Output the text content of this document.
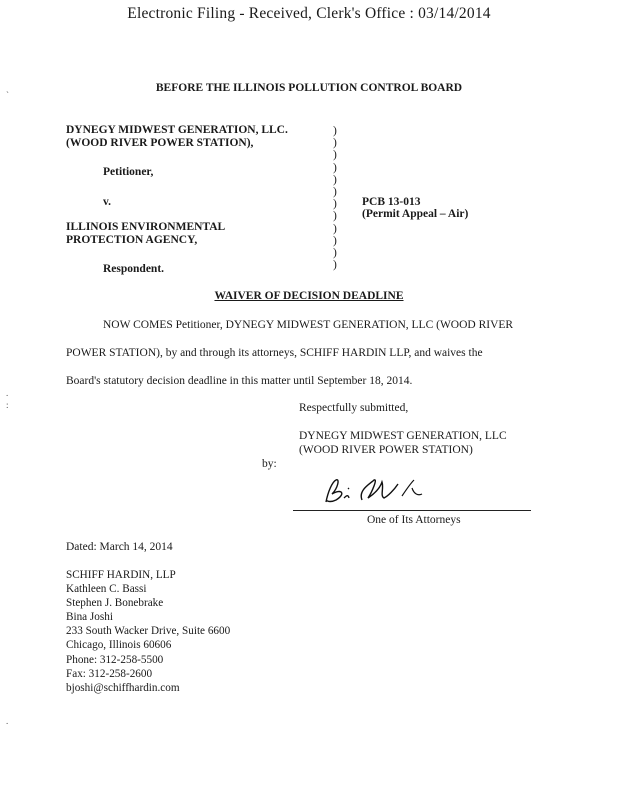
Electronic Filing - Received, Clerk's Office : 03/14/2014
BEFORE THE ILLINOIS POLLUTION CONTROL BOARD
DYNEGY MIDWEST GENERATION, LLC.
(WOOD RIVER POWER STATION),
Petitioner,
v.
ILLINOIS ENVIRONMENTAL
PROTECTION AGENCY,
Respondent.
)
)
)
)
)
)
)
)
)
)
)
)
PCB 13-013
(Permit Appeal – Air)
WAIVER OF DECISION DEADLINE
NOW COMES Petitioner, DYNEGY MIDWEST GENERATION, LLC (WOOD RIVER
POWER STATION), by and through its attorneys, SCHIFF HARDIN LLP, and waives the
Board's statutory decision deadline in this matter until September 18, 2014.
Respectfully submitted,
DYNEGY MIDWEST GENERATION, LLC
(WOOD RIVER POWER STATION)
by:
One of Its Attorneys
Dated: March 14, 2014
SCHIFF HARDIN, LLP
Kathleen C. Bassi
Stephen J. Bonebrake
Bina Joshi
233 South Wacker Drive, Suite 6600
Chicago, Illinois 60606
Phone: 312-258-5500
Fax: 312-258-2600
bjoshi@schiffhardin.com
`
.
:
.
